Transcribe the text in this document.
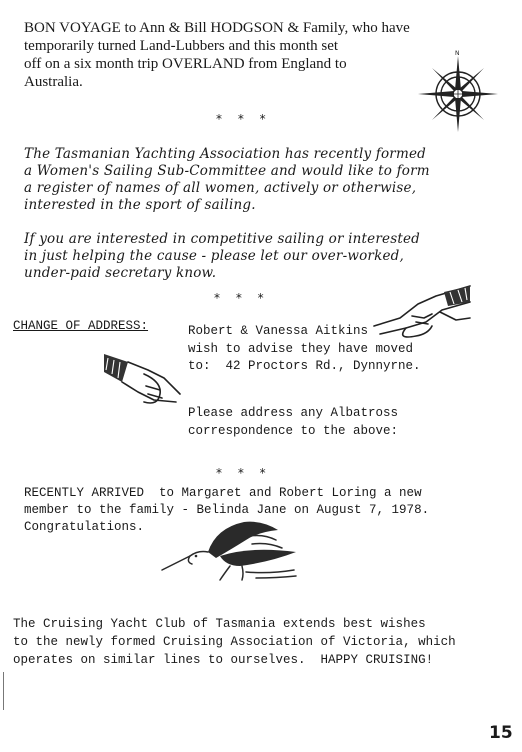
BON VOYAGE to Ann & Bill HODGSON & Family, who have

temporarily turned Land-Lubbers and this month set

off on a six month trip OVERLAND from England to

Australia.

N

* * *

The Tasmanian Yachting Association has recently formed

a Women's Sailing Sub-Committee and would like to form

a register of names of all women, actively or otherwise,

interested in the sport of sailing.

If you are interested in competitive sailing or interested

in just helping the cause - please let our over-worked,

under-paid secretary know.

* * *

CHANGE OF ADDRESS:	Robert & Vanessa Aitkins

wish to advise they have moved

to:  42 Proctors Rd., Dynnyrne.

Please address any Albatross

correspondence to the above:

* * *

RECENTLY ARRIVED  to Margaret and Robert Loring a new

member to the family - Belinda Jane on August 7, 1978.

Congratulations.

The Cruising Yacht Club of Tasmania extends best wishes

to the newly formed Cruising Association of Victoria, which

operates on similar lines to ourselves.  HAPPY CRUISING!

15
